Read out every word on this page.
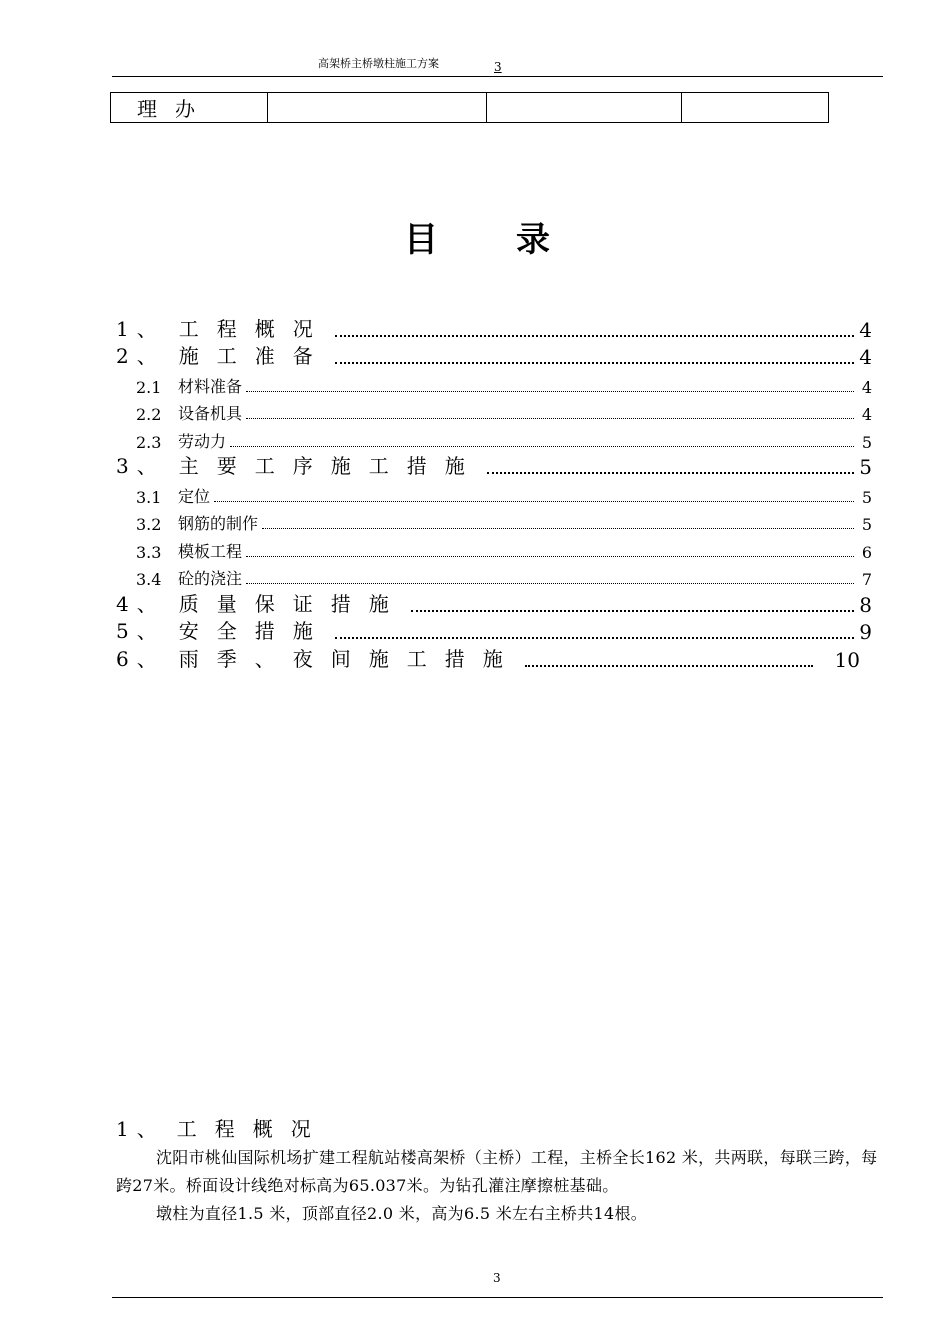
高架桥主桥墩柱施工方案	3
理办			
目录
1、 工程概况	4
2、 施工准备	4
2.1	材料准备	4
2.2	设备机具	4
2.3	劳动力	5
3、 主要工序施工措施	5
3.1	定位	5
3.2	钢筋的制作	5
3.3	模板工程	6
3.4	砼的浇注	7
4、 质量保证措施	8
5、 安全措施	9
6、 雨季、夜间施工措施	10
1、 工程概况

沈阳市桃仙国际机场扩建工程航站楼高架桥（主桥）工程，主桥全长162 米，共两联，每联三跨，每跨27米。桥面设计线绝对标高为65.037米。为钻孔灌注摩擦桩基础。

墩柱为直径1.5 米，顶部直径2.0 米，高为6.5 米左右主桥共14根。

3
